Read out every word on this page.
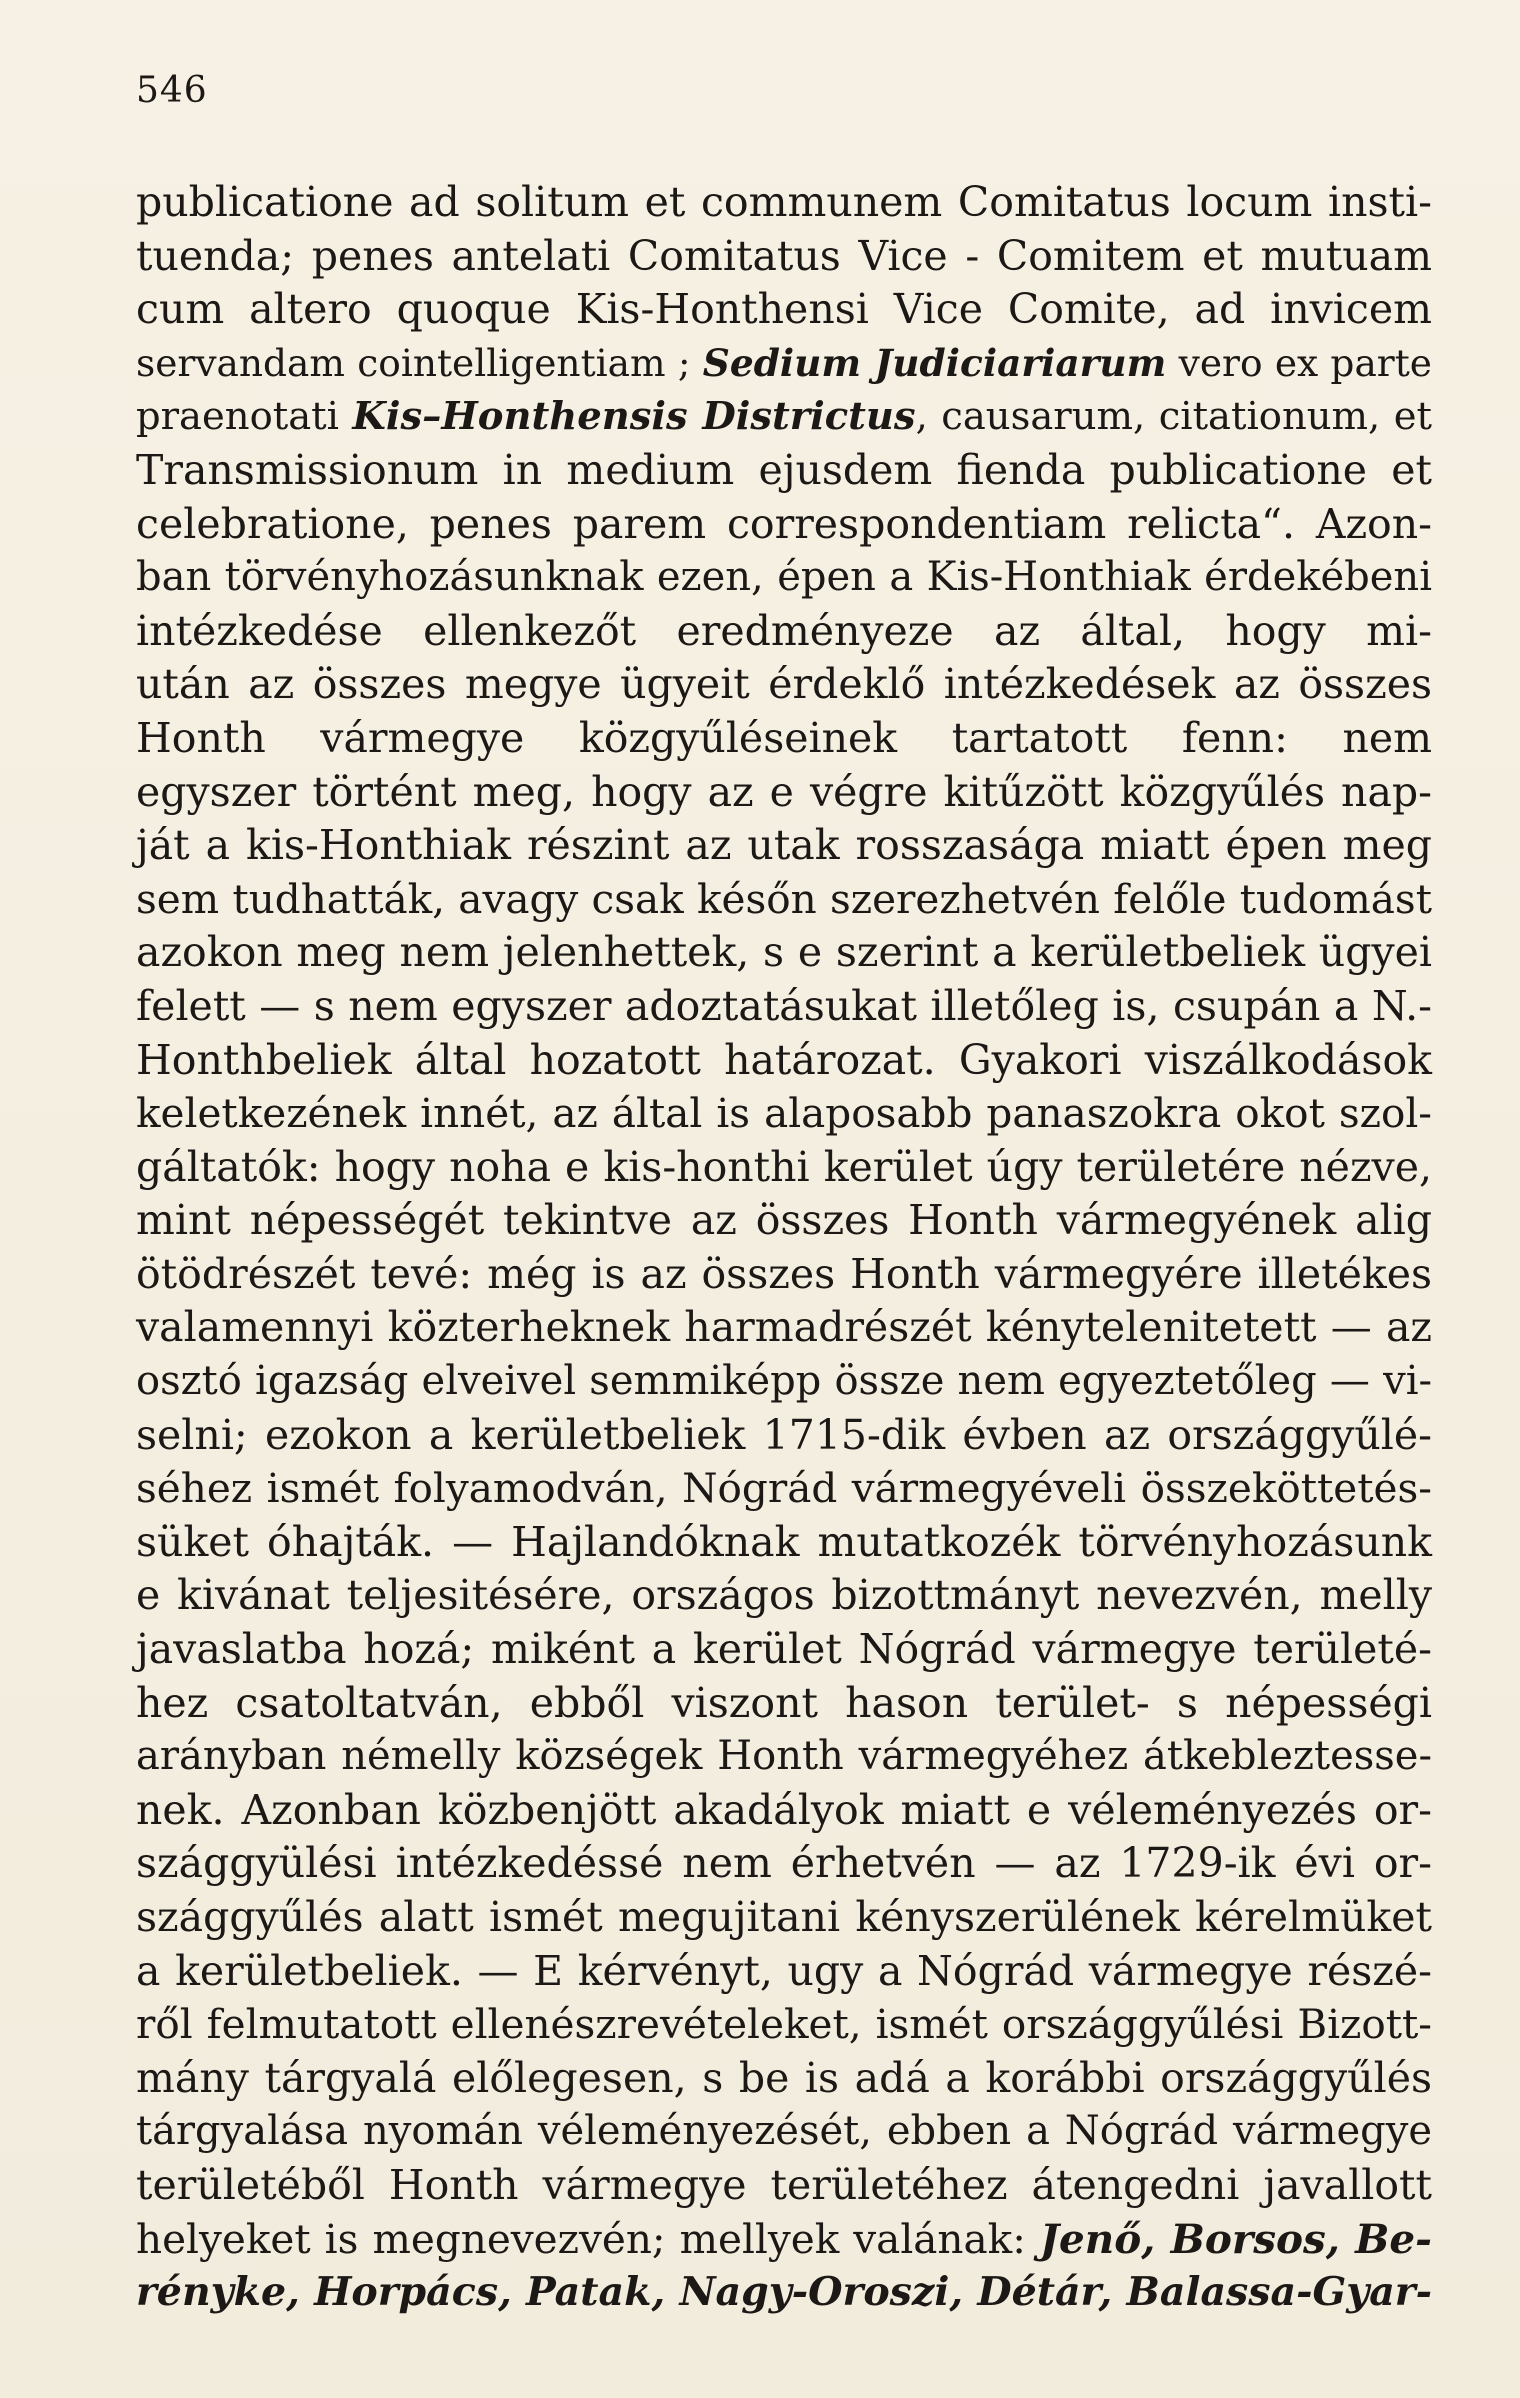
546
publicatione ad solitum et communem Comitatus locum insti-
tuenda; penes antelati Comitatus Vice - Comitem et mutuam
cum altero quoque Kis-Honthensi Vice Comite, ad invicem
servandam cointelligentiam ; Sedium Judiciariarum vero ex parte
praenotati Kis–Honthensis Districtus, causarum, citationum, et
Transmissionum in medium ejusdem fienda publicatione et
celebratione, penes parem correspondentiam relicta“. Azon-
ban törvényhozásunknak ezen, épen a Kis-Honthiak érdekébeni
intézkedése ellenkezőt eredményeze az által, hogy mi-
után az összes megye ügyeit érdeklő intézkedések az összes
Honth vármegye közgyűléseinek tartatott fenn: nem
egyszer történt meg, hogy az e végre kitűzött közgyűlés nap-
ját a kis-Honthiak részint az utak rosszasága miatt épen meg
sem tudhatták, avagy csak későn szerezhetvén felőle tudomást
azokon meg nem jelenhettek, s e szerint a kerületbeliek ügyei
felett — s nem egyszer adoztatásukat illetőleg is, csupán a N.-
Honthbeliek által hozatott határozat. Gyakori viszálkodások
keletkezének innét, az által is alaposabb panaszokra okot szol-
gáltatók: hogy noha e kis-honthi kerület úgy területére nézve,
mint népességét tekintve az összes Honth vármegyének alig
ötödrészét tevé: még is az összes Honth vármegyére illetékes
valamennyi közterheknek harmadrészét kénytelenitetett — az
osztó igazság elveivel semmiképp össze nem egyeztetőleg — vi-
selni; ezokon a kerületbeliek 1715-dik évben az országgyűlé-
séhez ismét folyamodván, Nógrád vármegyéveli összeköttetés-
süket óhajták. — Hajlandóknak mutatkozék törvényhozásunk
e kivánat teljesitésére, országos bizottmányt nevezvén, melly
javaslatba hozá; miként a kerület Nógrád vármegye területé-
hez csatoltatván, ebből viszont hason terület- s népességi
arányban némelly községek Honth vármegyéhez átkebleztesse-
nek. Azonban közbenjött akadályok miatt e véleményezés or-
szággyülési intézkedéssé nem érhetvén — az 1729-ik évi or-
szággyűlés alatt ismét megujitani kényszerülének kérelmüket
a kerületbeliek. — E kérvényt, ugy a Nógrád vármegye részé-
ről felmutatott ellenészrevételeket, ismét országgyűlési Bizott-
mány tárgyalá előlegesen, s be is adá a korábbi országgyűlés
tárgyalása nyomán véleményezését, ebben a Nógrád vármegye
területéből Honth vármegye területéhez átengedni javallott
helyeket is megnevezvén; mellyek valának: Jenő, Borsos, Be-
rényke, Horpács, Patak, Nagy-Oroszi, Détár, Balassa-Gyar-
